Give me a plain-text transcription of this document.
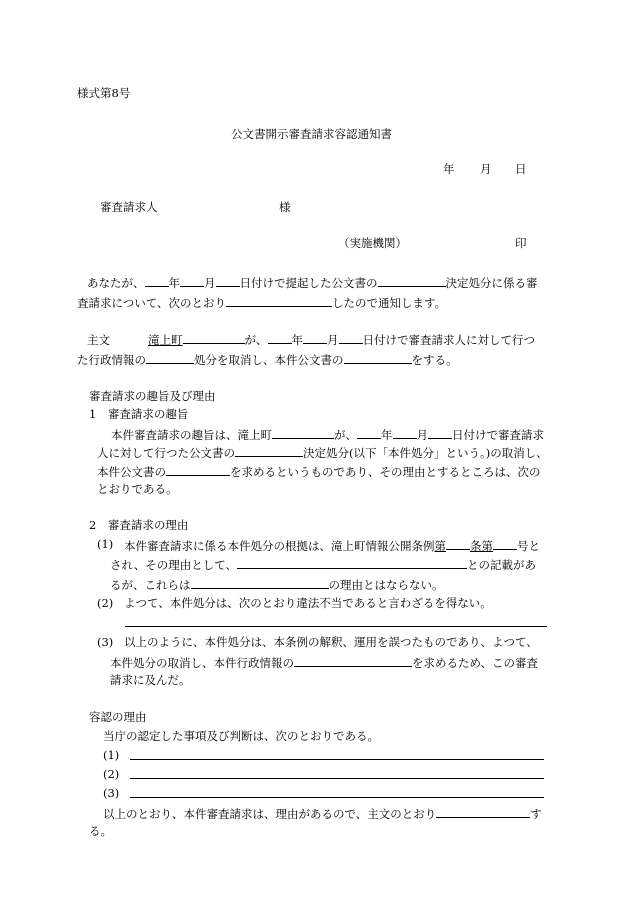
様式第8号
公文書開示審査請求容認通知書
年 月 日
審査請求人	様
（実施機関）	印
あなたが、 年 月 日付けで提起した公文書の	決定処分に係る審
査請求について、次のとおり	したので通知します。
主文	滝上町	が、 年 月 日付けで審査請求人に対して行つ
た行政情報の	処分を取消し、本件公文書の	をする。
審査請求の趣旨及び理由
1　審査請求の趣旨
本件審査請求の趣旨は、滝上町	が、 年 月 日付けで審査請求
人に対して行つた公文書の	決定処分(以下「本件処分」という。)の取消し、
本件公文書の	を求めるというものであり、その理由とするところは、次の
とおりである。
2　審査請求の理由
(1) 本件審査請求に係る本件処分の根拠は、滝上町情報公開条例第 条第 号と
され、その理由として、	との記載があ
るが、これらは	の理由とはならない。
(2) よつて、本件処分は、次のとおり違法不当であると言わざるを得ない。
(3) 以上のように、本件処分は、本条例の解釈、運用を誤つたものであり、よつて、
本件処分の取消し、本件行政情報の	を求めるため、この審査
請求に及んだ。
容認の理由
当庁の認定した事項及び判断は、次のとおりである。
(1)
(2)
(3)
以上のとおり、本件審査請求は、理由があるので、主文のとおり	す
る。
